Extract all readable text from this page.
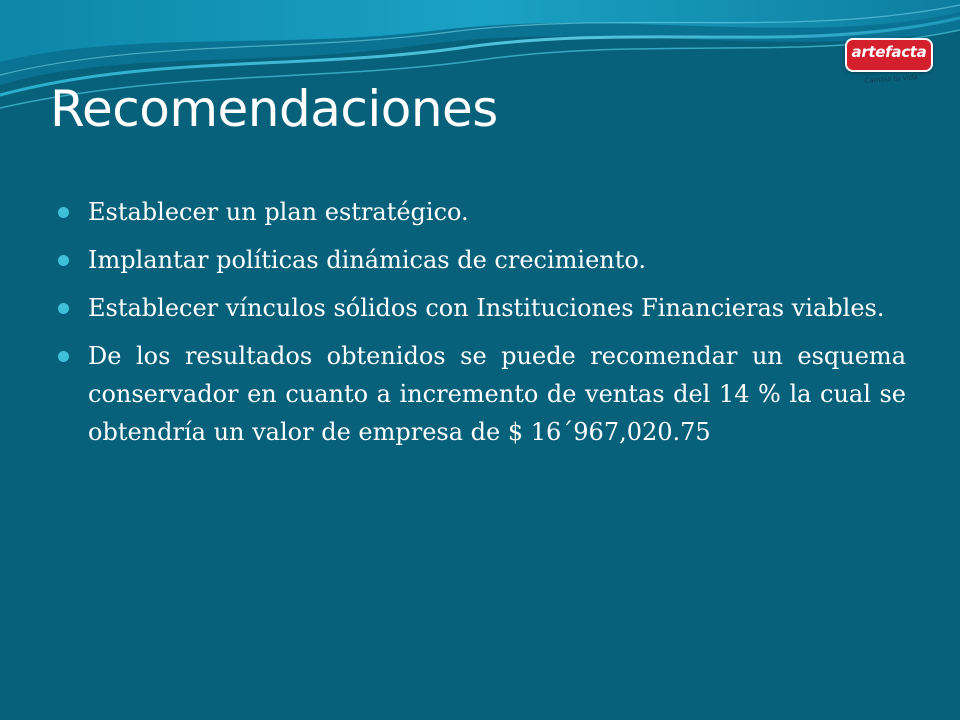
artefacta
Cambia tu vida
Recomendaciones
Establecer un plan estratégico.
Implantar políticas dinámicas de crecimiento.
Establecer vínculos sólidos con Instituciones Financieras viables.
De los resultados obtenidos se puede recomendar un esquema conservador en cuanto a incremento de ventas del 14 % la cual se obtendría un valor de empresa de $ 16´967,020.75
